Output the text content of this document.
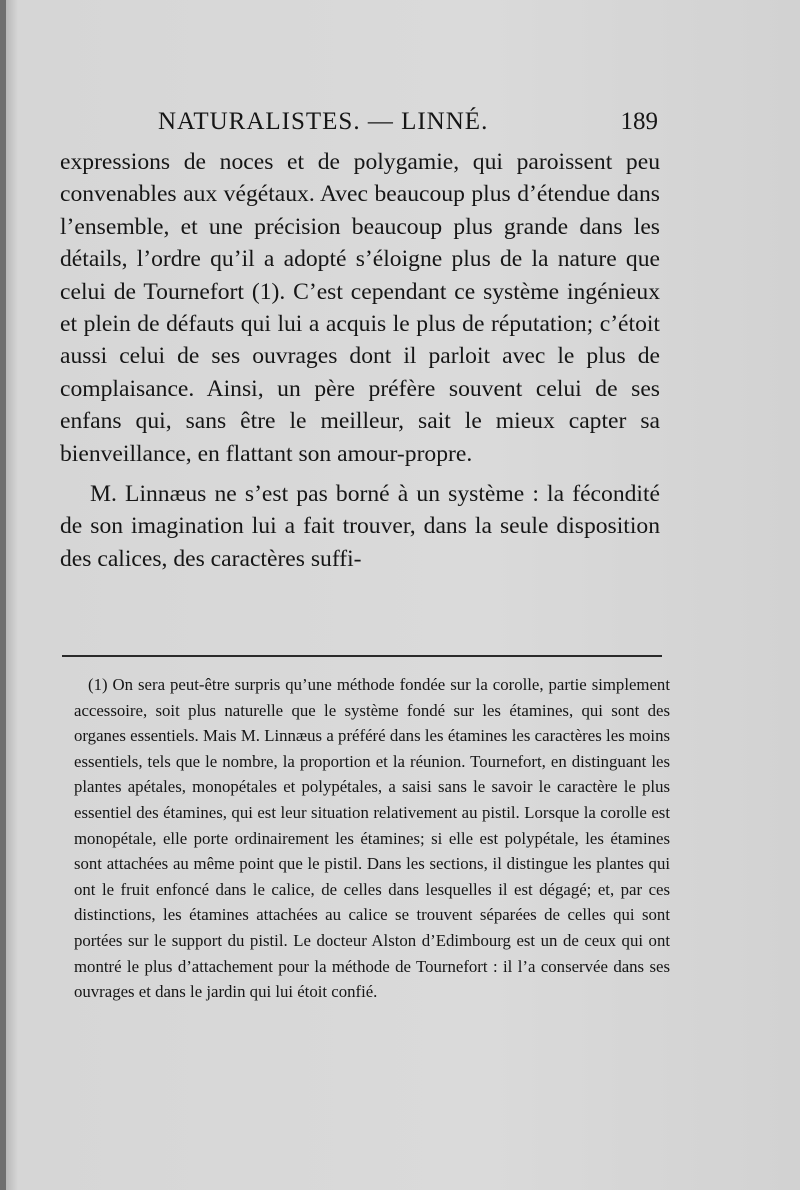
NATURALISTES. — LINNÉ.	189

expressions de noces et de polygamie, qui paroissent peu convenables aux végétaux. Avec beaucoup plus d’étendue dans l’ensemble, et une précision beaucoup plus grande dans les détails, l’ordre qu’il a adopté s’éloigne plus de la nature que celui de Tournefort (1). C’est cependant ce système ingénieux et plein de défauts qui lui a acquis le plus de réputation; c’étoit aussi celui de ses ouvrages dont il parloit avec le plus de complaisance. Ainsi, un père préfère souvent celui de ses enfans qui, sans être le meilleur, sait le mieux capter sa bienveillance, en flattant son amour-propre.

M. Linnæus ne s’est pas borné à un système : la fécondité de son imagination lui a fait trouver, dans la seule disposition des calices, des caractères suffi-

(1) On sera peut-être surpris qu’une méthode fondée sur la corolle, partie simplement accessoire, soit plus naturelle que le système fondé sur les étamines, qui sont des organes essentiels. Mais M. Linnæus a préféré dans les étamines les caractères les moins essentiels, tels que le nombre, la proportion et la réunion. Tournefort, en distinguant les plantes apétales, monopétales et polypétales, a saisi sans le savoir le caractère le plus essentiel des étamines, qui est leur situation relativement au pistil. Lorsque la corolle est monopétale, elle porte ordinairement les étamines; si elle est polypétale, les étamines sont attachées au même point que le pistil. Dans les sections, il distingue les plantes qui ont le fruit enfoncé dans le calice, de celles dans lesquelles il est dégagé; et, par ces distinctions, les étamines attachées au calice se trouvent séparées de celles qui sont portées sur le support du pistil. Le docteur Alston d’Edimbourg est un de ceux qui ont montré le plus d’attachement pour la méthode de Tournefort : il l’a conservée dans ses ouvrages et dans le jardin qui lui étoit confié.
